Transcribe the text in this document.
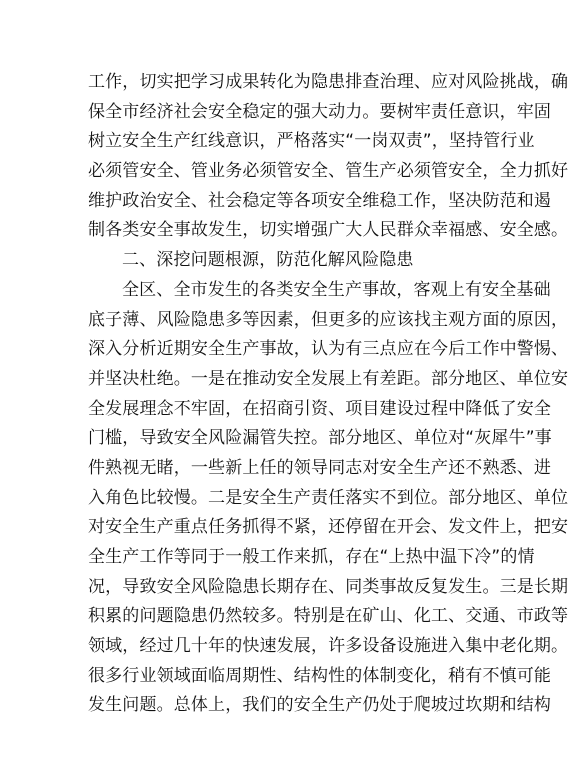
工作，切实把学习成果转化为隐患排查治理、应对风险挑战，确
保全市经济社会安全稳定的强大动力。要树牢责任意识，牢固
树立安全生产红线意识，严格落实“一岗双责”，坚持管行业
必须管安全、管业务必须管安全、管生产必须管安全，全力抓好
维护政治安全、社会稳定等各项安全维稳工作，坚决防范和遏
制各类安全事故发生，切实增强广大人民群众幸福感、安全感。
二、深挖问题根源，防范化解风险隐患
全区、全市发生的各类安全生产事故，客观上有安全基础
底子薄、风险隐患多等因素，但更多的应该找主观方面的原因，
深入分析近期安全生产事故，认为有三点应在今后工作中警惕、
并坚决杜绝。一是在推动安全发展上有差距。部分地区、单位安
全发展理念不牢固，在招商引资、项目建设过程中降低了安全
门槛，导致安全风险漏管失控。部分地区、单位对“灰犀牛”事
件熟视无睹，一些新上任的领导同志对安全生产还不熟悉、进
入角色比较慢。二是安全生产责任落实不到位。部分地区、单位
对安全生产重点任务抓得不紧，还停留在开会、发文件上，把安
全生产工作等同于一般工作来抓，存在“上热中温下冷”的情
况，导致安全风险隐患长期存在、同类事故反复发生。三是长期
积累的问题隐患仍然较多。特别是在矿山、化工、交通、市政等
领域，经过几十年的快速发展，许多设备设施进入集中老化期。
很多行业领域面临周期性、结构性的体制变化，稍有不慎可能
发生问题。总体上，我们的安全生产仍处于爬坡过坎期和结构
